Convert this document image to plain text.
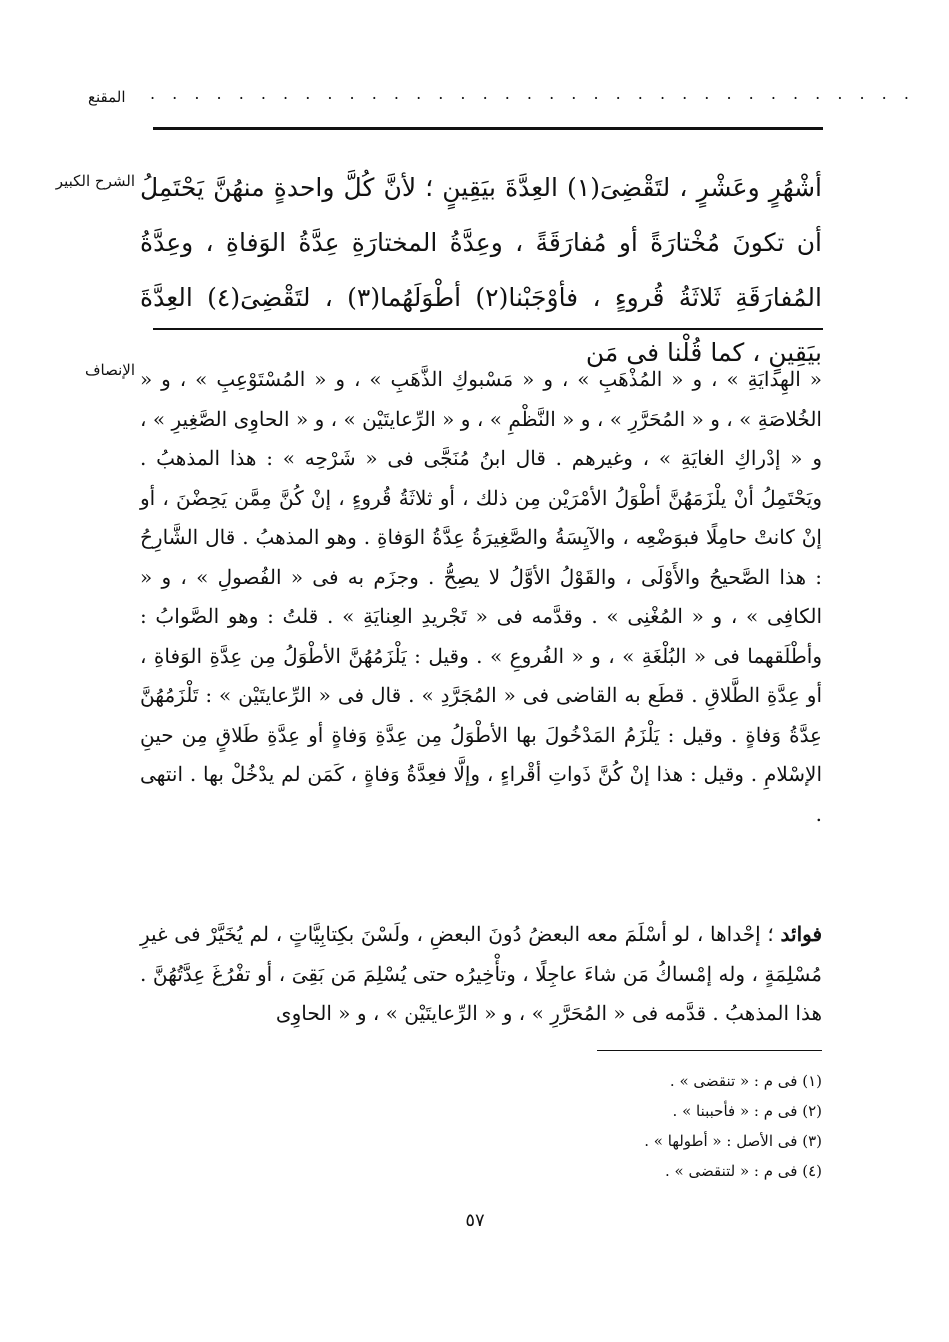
المقنع . . . . . . . . . . . . . . . . . . . . . . . . . . . . . . . . . . .
الشرح الكبير أشْهُرٍ وعَشْرٍ ، لتَقْضِىَ(١) العِدَّةَ بيَقِينٍ ؛ لأنَّ كُلَّ واحدةٍ منهُنَّ يَحْتَمِلُ أن تكونَ مُخْتارَةً أو مُفارَقَةً ، وعِدَّةُ المختارَةِ عِدَّةُ الوَفاةِ ، وعِدَّةُ المُفارَقَةِ ثَلاثَةُ قُروءٍ ، فأوْجَبْنا(٢) أطْوَلَهُما(٣) ، لتَقْضِىَ(٤) العِدَّةَ بيَقِينٍ ، كما قُلْنا فى مَن
الإنصاف « الهِدايَةِ » ، و « المُذْهَبِ » ، و « مَسْبوكِ الذَّهَبِ » ، و « المُسْتَوْعِبِ » ، و « الخُلاصَةِ » ، و « المُحَرَّرِ » ، و « النَّظْمِ » ، و « الرِّعايتَيْن » ، و « الحاوِى الصَّغِيرِ » ، و « إدْراكِ الغايَةِ » ، وغيرهم . قال ابنُ مُنَجَّى فى « شَرْحِه » : هذا المذهبُ . ويَحْتَمِلُ أنْ يلْزَمَهُنَّ أطْوَلُ الأمْرَيْن مِن ذلك ، أو ثلاثَةُ قُروءٍ ، إنْ كُنَّ مِمَّن يَحِضْنَ ، أو إنْ كانتْ حامِلًا فبوَضْعِه ، والآيِسَةُ والصَّغِيرَةُ عِدَّةُ الوَفاةِ . وهو المذهبُ . قال الشَّارِحُ : هذا الصَّحيحُ والأَوْلَى ، والقَوْلُ الأوَّلُ لا يصِحُّ . وجزَم به فى « الفُصولِ » ، و « الكافِى » ، و « المُغْنِى » . وقدَّمه فى « تَجْريدِ العِنايَةِ » . قلتُ : وهو الصَّوابُ : وأطْلَقهما فى « البُلْغَةِ » ، و « الفُروعِ » . وقيل : يَلْزَمُهُنَّ الأطْوَلُ مِن عِدَّةِ الوَفاةِ ، أو عِدَّةِ الطَّلاقِ . قطَع به القاضى فى « المُجَرَّدِ » . قال فى « الرِّعايتَيْن » : تَلْزَمُهُنَّ عِدَّةُ وَفاةٍ . وقيل : يَلْزَمُ المَدْخُولَ بها الأطْوَلُ مِن عِدَّةِ وَفاةٍ أو عِدَّةِ طَلاقٍ مِن حينِ الإسْلامِ . وقيل : هذا إنْ كُنَّ ذَواتِ أقْراءٍ ، وإلَّا فعِدَّةُ وَفاةٍ ، كَمَن لم يدْخُلْ بها . انتهى .

فوائد ؛ إحْداها ، لو أسْلَمَ معه البعضُ دُونَ البعضِ ، ولَسْنَ بكِتابِيَّاتٍ ، لم يُخَيَّرْ فى غيرِ مُسْلِمَةٍ ، وله إمْساكُ مَن شاءَ عاجِلًا ، وتأْخِيرُه حتى يُسْلِمَ مَن بَقِىَ ، أو تفْرُغَ عِدَّتُهُنَّ . هذا المذهبُ . قدَّمه فى « المُحَرَّرِ » ، و « الرِّعايتَيْن » ، و « الحاوِى
(١) فى م : « تنقضى » .
(٢) فى م : « فأحببنا » .
(٣) فى الأصل : « أطولها » .
(٤) فى م : « لتنقضى » .
٥٧
